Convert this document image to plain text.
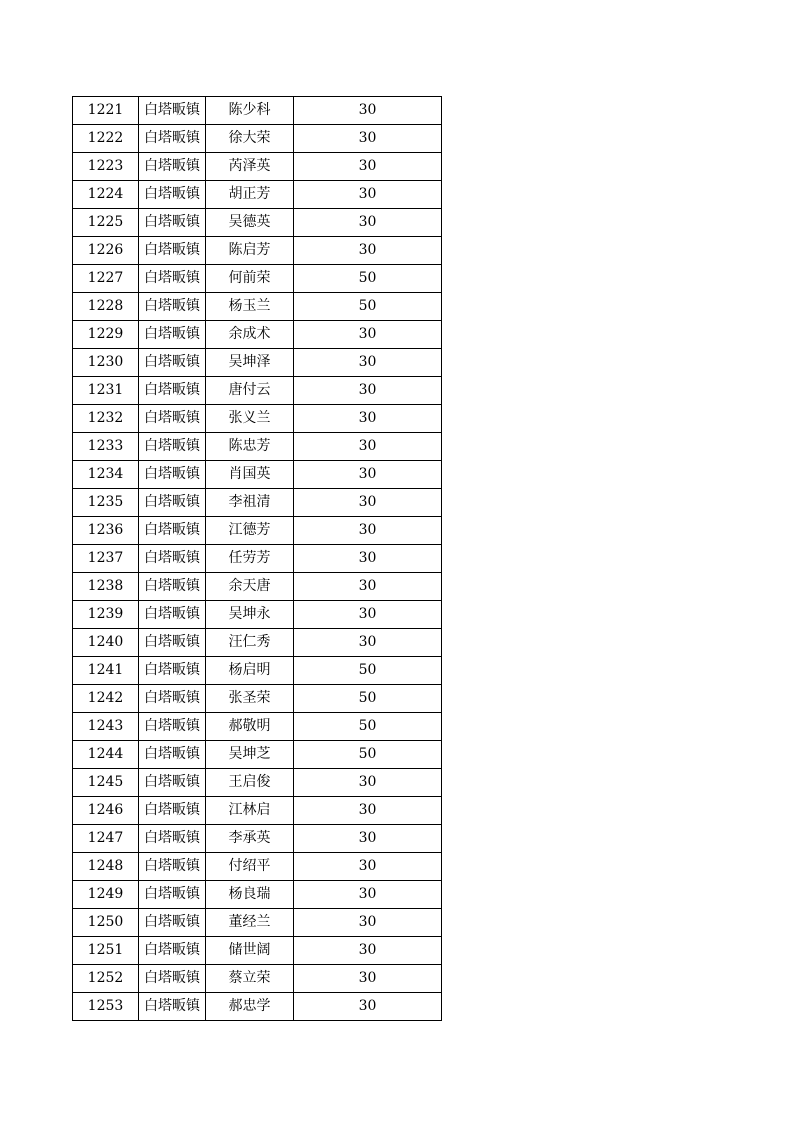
1221	白塔畈镇	陈少科	30
1222	白塔畈镇	徐大荣	30
1223	白塔畈镇	芮泽英	30
1224	白塔畈镇	胡正芳	30
1225	白塔畈镇	吴德英	30
1226	白塔畈镇	陈启芳	30
1227	白塔畈镇	何前荣	50
1228	白塔畈镇	杨玉兰	50
1229	白塔畈镇	余成术	30
1230	白塔畈镇	吴坤泽	30
1231	白塔畈镇	唐付云	30
1232	白塔畈镇	张义兰	30
1233	白塔畈镇	陈忠芳	30
1234	白塔畈镇	肖国英	30
1235	白塔畈镇	李祖清	30
1236	白塔畈镇	江德芳	30
1237	白塔畈镇	任劳芳	30
1238	白塔畈镇	余天唐	30
1239	白塔畈镇	吴坤永	30
1240	白塔畈镇	汪仁秀	30
1241	白塔畈镇	杨启明	50
1242	白塔畈镇	张圣荣	50
1243	白塔畈镇	郝敬明	50
1244	白塔畈镇	吴坤芝	50
1245	白塔畈镇	王启俊	30
1246	白塔畈镇	江林启	30
1247	白塔畈镇	李承英	30
1248	白塔畈镇	付绍平	30
1249	白塔畈镇	杨良瑞	30
1250	白塔畈镇	董经兰	30
1251	白塔畈镇	储世阔	30
1252	白塔畈镇	蔡立荣	30
1253	白塔畈镇	郝忠学	30
